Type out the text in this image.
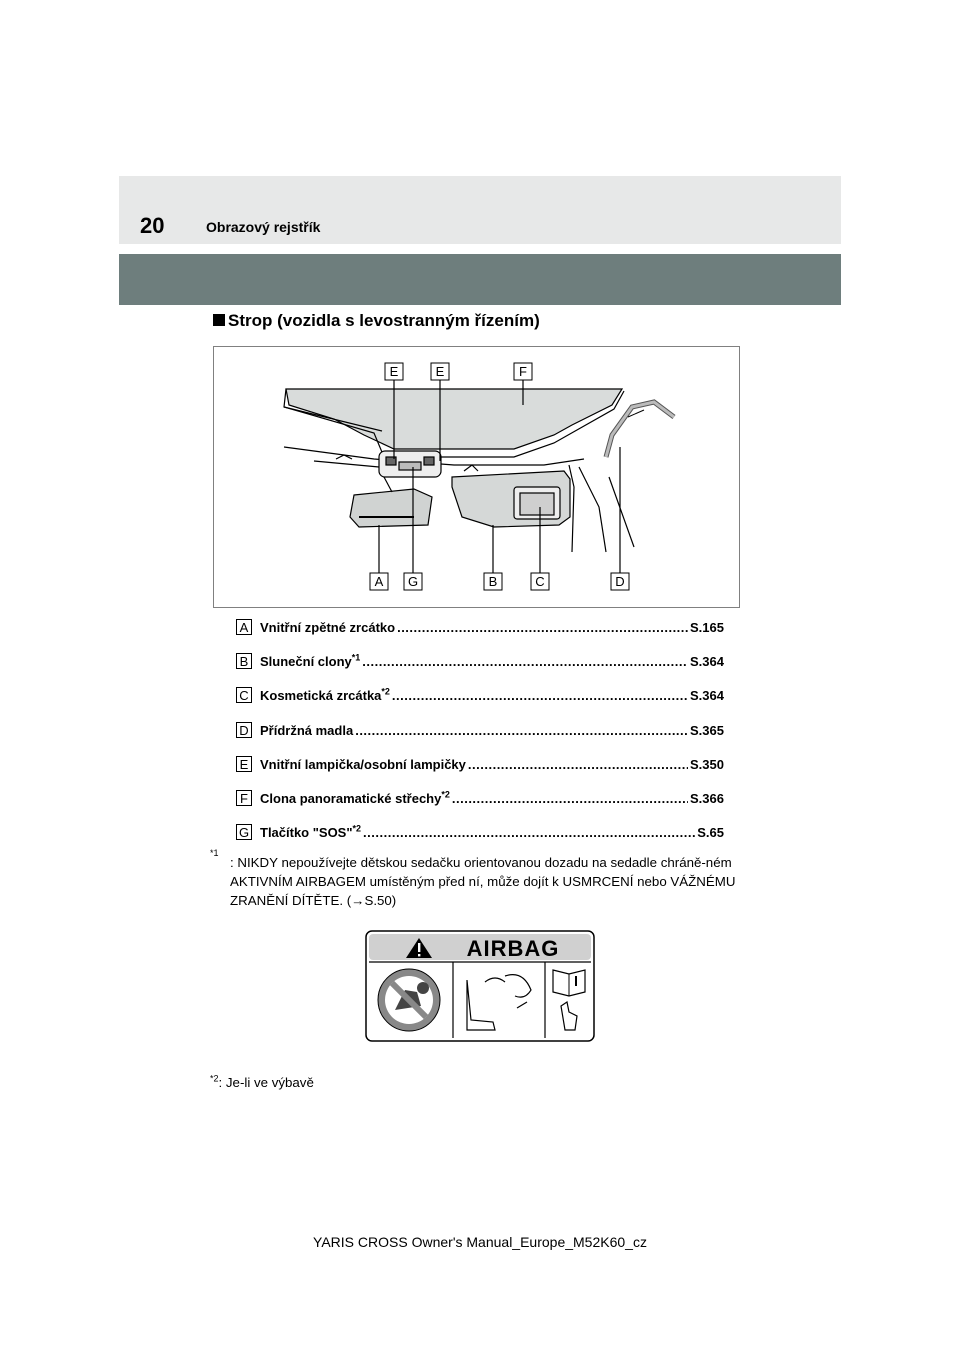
20	Obrazový rejstřík
Strop (vozidla s levostranným řízením)
E	E	F
A G	B	C	D
A Vnitřní zpětné zrcátko .....	S.165
B Sluneční clony$^{*1}$ .....	S.364
C Kosmetická zrcátka$^{*2}$ .....	S.364
D Přídržná madla .....	S.365
E Vnitřní lampička/osobní lampičky .....	S.350
F Clona panoramatické střechy$^{*2}$ .....	S.366
G Tlačítko "SOS"$^{*2}$ .....	S.65
*1
: NIKDY nepoužívejte dětskou sedačku orientovanou dozadu na sedadle chráně-ném AKTIVNÍM AIRBAGEM umístěným před ní, může dojít k USMRCENÍ nebo VÁŽNÉMU ZRANĚNÍ DÍTĚTE. (→S.50)
AIRBAG
$^{*2}$: Je-li ve výbavě
YARIS CROSS Owner's Manual_Europe_M52K60_cz
